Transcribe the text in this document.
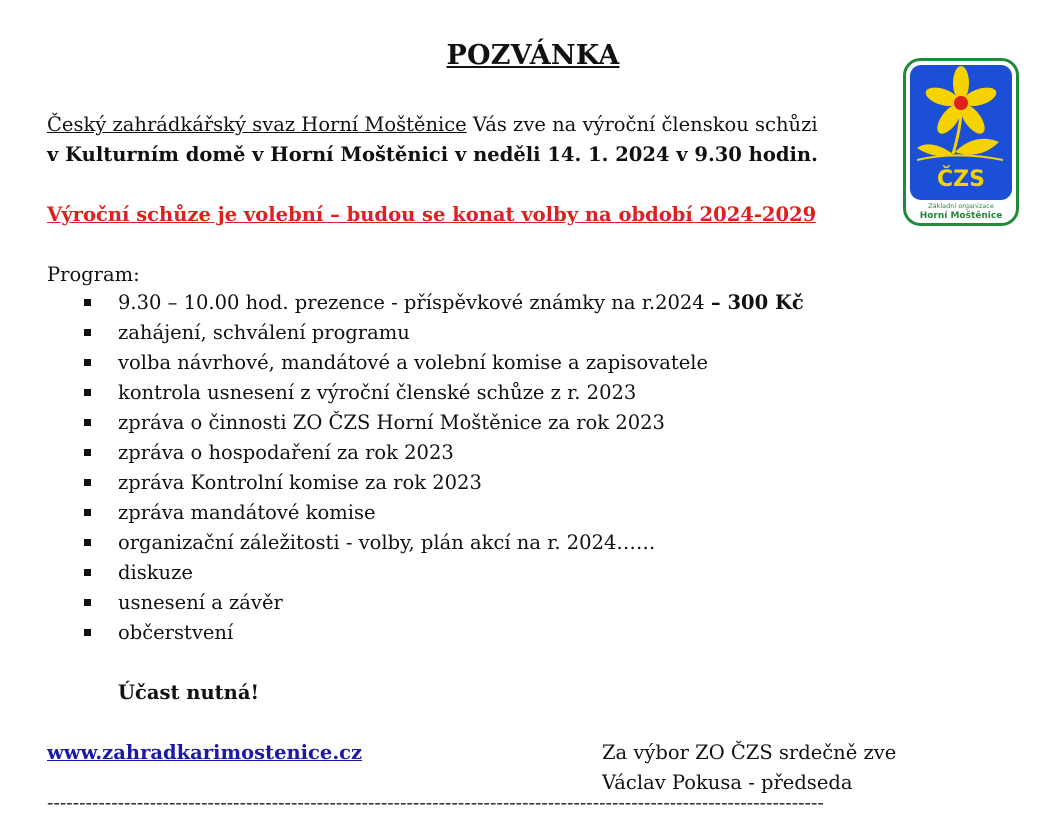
POZVÁNKA
Český zahrádkářský svaz Horní Moštěnice Vás zve na výroční členskou schůzi
v Kulturním domě v Horní Moštěnici v neděli 14. 1. 2024 v 9.30 hodin.
Výroční schůze je volební – budou se konat volby na období 2024-2029
Program:
9.30 – 10.00 hod. prezence - příspěvkové známky na r.2024 – 300 Kč
zahájení, schválení programu
volba návrhové, mandátové a volební komise a zapisovatele
kontrola usnesení z výroční členské schůze z r. 2023
zpráva o činnosti ZO ČZS Horní Moštěnice za rok 2023
zpráva o hospodaření za rok 2023
zpráva Kontrolní komise za rok 2023
zpráva mandátové komise
organizační záležitosti - volby, plán akcí na r. 2024……
diskuze
usnesení a závěr
občerstvení
Účast nutná!
www.zahradkarimostenice.cz	Za výbor ZO ČZS srdečně zve
Václav Pokusa - předseda
-------------------------------------------------------------------------------------------------------------------------
ČZS
Základní organizace
Horní Moštěnice
